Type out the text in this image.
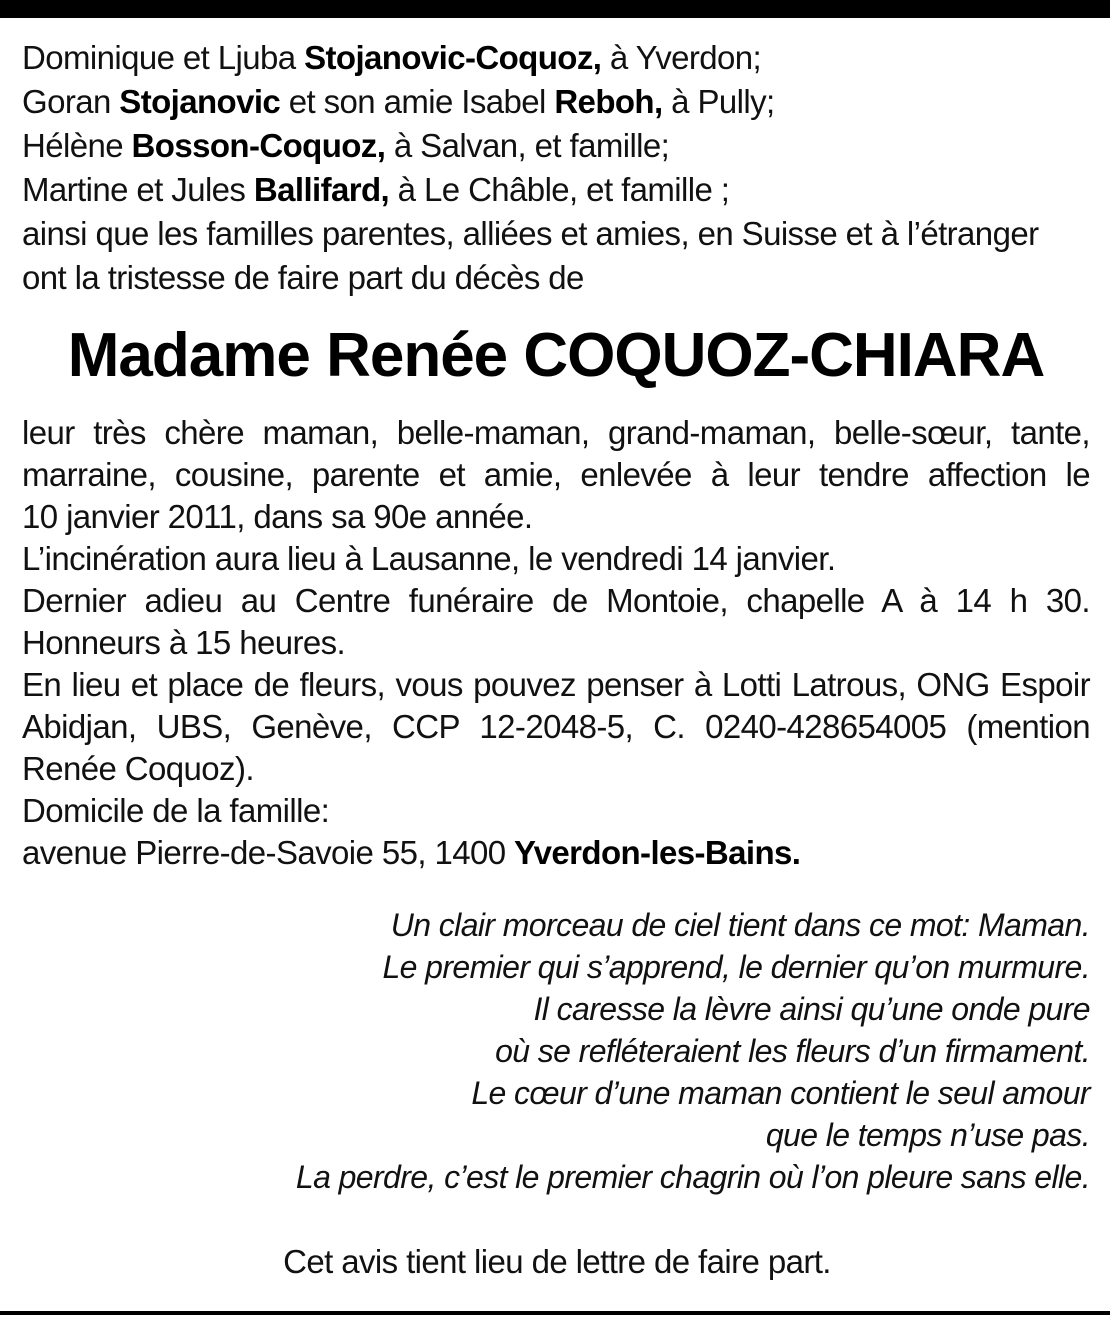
Dominique et Ljuba Stojanovic-Coquoz, à Yverdon;

Goran Stojanovic et son amie Isabel Reboh, à Pully;

Hélène Bosson-Coquoz, à Salvan, et famille;

Martine et Jules Ballifard, à Le Châble, et famille ;

ainsi que les familles parentes, alliées et amies, en Suisse et à l’étranger

ont la tristesse de faire part du décès de

Madame Renée COQUOZ-CHIARA

leur très chère maman, belle-maman, grand-maman, belle-sœur, tante,

marraine, cousine, parente et amie, enlevée à leur tendre affection le

10 janvier 2011, dans sa 90e année.

L’incinération aura lieu à Lausanne, le vendredi 14 janvier.

Dernier adieu au Centre funéraire de Montoie, chapelle A à 14 h 30.

Honneurs à 15 heures.

En lieu et place de fleurs, vous pouvez penser à Lotti Latrous, ONG Espoir

Abidjan, UBS, Genève, CCP 12-2048-5, C. 0240-428654005 (mention

Renée Coquoz).

Domicile de la famille:

avenue Pierre-de-Savoie 55, 1400 Yverdon-les-Bains.

Un clair morceau de ciel tient dans ce mot: Maman.
Le premier qui s’apprend, le dernier qu’on murmure.
Il caresse la lèvre ainsi qu’une onde pure
où se refléteraient les fleurs d’un firmament.
Le cœur d’une maman contient le seul amour
que le temps n’use pas.
La perdre, c’est le premier chagrin où l’on pleure sans elle.
Cet avis tient lieu de lettre de faire part.
